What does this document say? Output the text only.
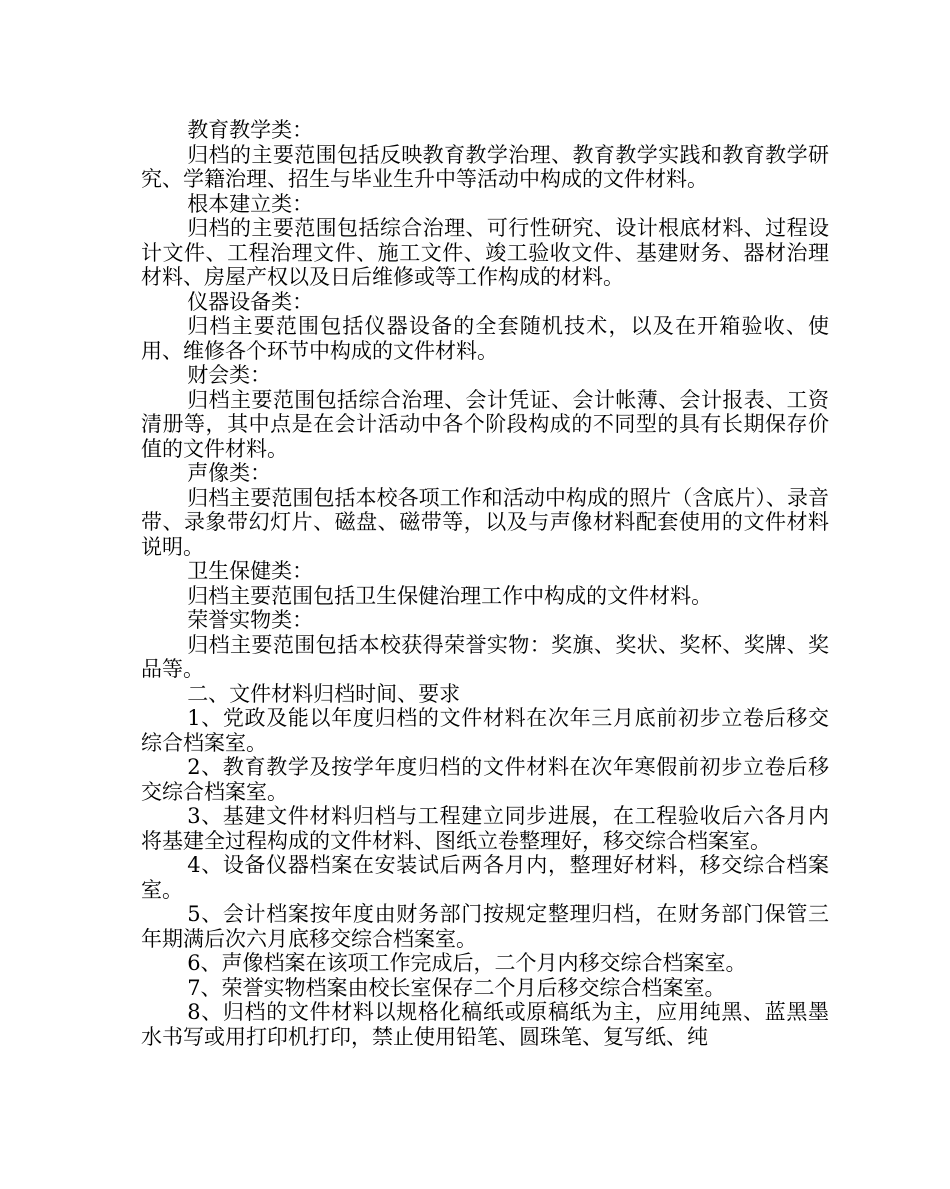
教育教学类：

归档的主要范围包括反映教育教学治理、教育教学实践和教育教学研究、学籍治理、招生与毕业生升中等活动中构成的文件材料。

根本建立类：

归档的主要范围包括综合治理、可行性研究、设计根底材料、过程设计文件、工程治理文件、施工文件、竣工验收文件、基建财务、器材治理材料、房屋产权以及日后维修或等工作构成的材料。

仪器设备类：

归档主要范围包括仪器设备的全套随机技术，以及在开箱验收、使用、维修各个环节中构成的文件材料。

财会类：

归档主要范围包括综合治理、会计凭证、会计帐薄、会计报表、工资清册等，其中点是在会计活动中各个阶段构成的不同型的具有长期保存价值的文件材料。

声像类：

归档主要范围包括本校各项工作和活动中构成的照片（含底片）、录音带、录象带幻灯片、磁盘、磁带等，以及与声像材料配套使用的文件材料说明。

卫生保健类：

归档主要范围包括卫生保健治理工作中构成的文件材料。

荣誉实物类：

归档主要范围包括本校获得荣誉实物：奖旗、奖状、奖杯、奖牌、奖品等。

二、文件材料归档时间、要求

1、党政及能以年度归档的文件材料在次年三月底前初步立卷后移交综合档案室。

2、教育教学及按学年度归档的文件材料在次年寒假前初步立卷后移交综合档案室。

3、基建文件材料归档与工程建立同步进展，在工程验收后六各月内将基建全过程构成的文件材料、图纸立卷整理好，移交综合档案室。

4、设备仪器档案在安装试后两各月内，整理好材料，移交综合档案室。

5、会计档案按年度由财务部门按规定整理归档，在财务部门保管三年期满后次六月底移交综合档案室。

6、声像档案在该项工作完成后，二个月内移交综合档案室。

7、荣誉实物档案由校长室保存二个月后移交综合档案室。

8、归档的文件材料以规格化稿纸或原稿纸为主，应用纯黑、蓝黑墨水书写或用打印机打印，禁止使用铅笔、圆珠笔、复写纸、纯
